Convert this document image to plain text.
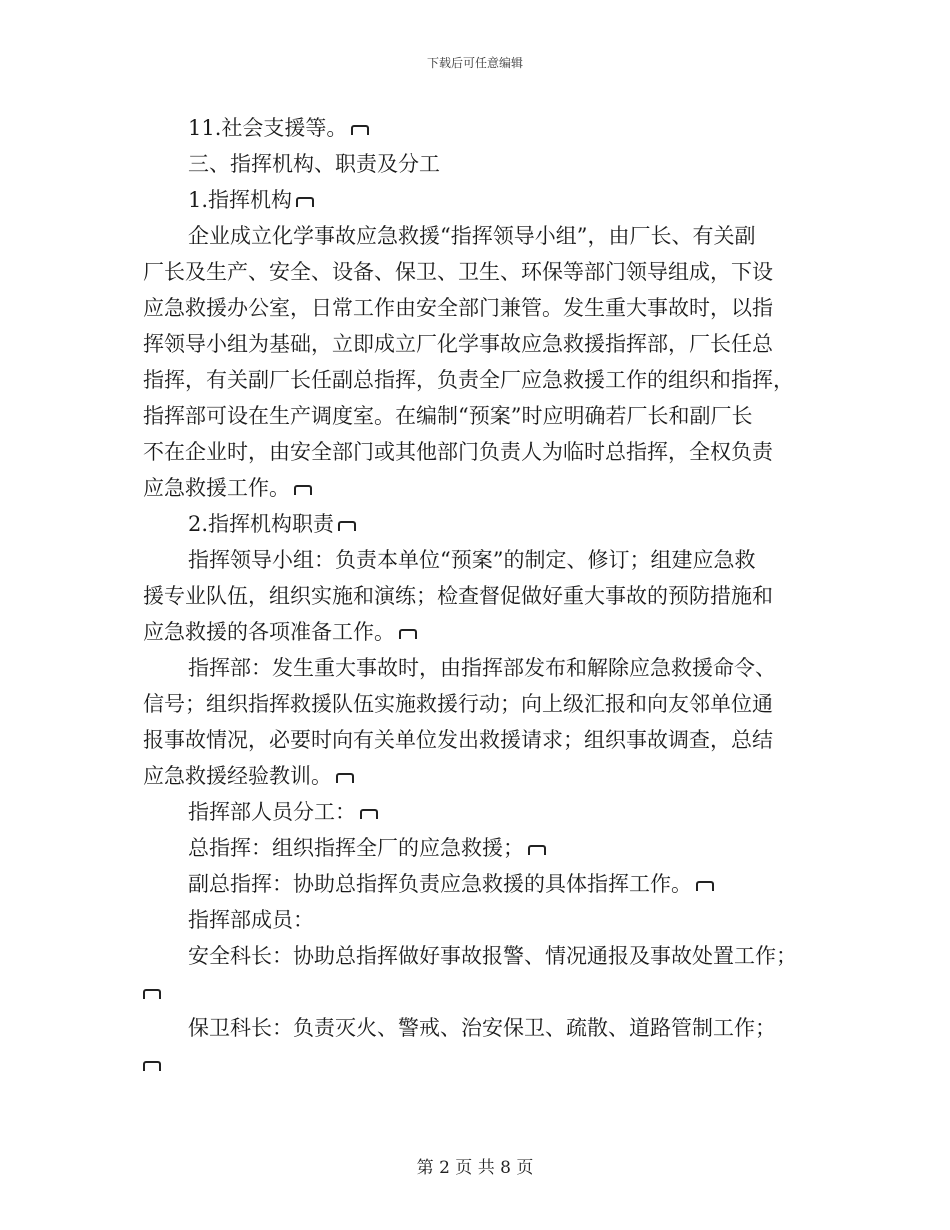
下载后可任意编辑
11.社会支援等。
三、指挥机构、职责及分工
1.指挥机构
企业成立化学事故应急救援“指挥领导小组”，由厂长、有关副
厂长及生产、安全、设备、保卫、卫生、环保等部门领导组成，下设
应急救援办公室，日常工作由安全部门兼管。发生重大事故时，以指
挥领导小组为基础，立即成立厂化学事故应急救援指挥部，厂长任总
指挥，有关副厂长任副总指挥，负责全厂应急救援工作的组织和指挥，
指挥部可设在生产调度室。在编制“预案”时应明确若厂长和副厂长
不在企业时，由安全部门或其他部门负责人为临时总指挥，全权负责
应急救援工作。
2.指挥机构职责
指挥领导小组：负责本单位“预案”的制定、修订；组建应急救
援专业队伍，组织实施和演练；检查督促做好重大事故的预防措施和
应急救援的各项准备工作。
指挥部：发生重大事故时，由指挥部发布和解除应急救援命令、
信号；组织指挥救援队伍实施救援行动；向上级汇报和向友邻单位通
报事故情况，必要时向有关单位发出救援请求；组织事故调查，总结
应急救援经验教训。
指挥部人员分工：
总指挥：组织指挥全厂的应急救援；
副总指挥：协助总指挥负责应急救援的具体指挥工作。
指挥部成员：
安全科长：协助总指挥做好事故报警、情况通报及事故处置工作；
保卫科长：负责灭火、警戒、治安保卫、疏散、道路管制工作；
第 2 页 共 8 页
